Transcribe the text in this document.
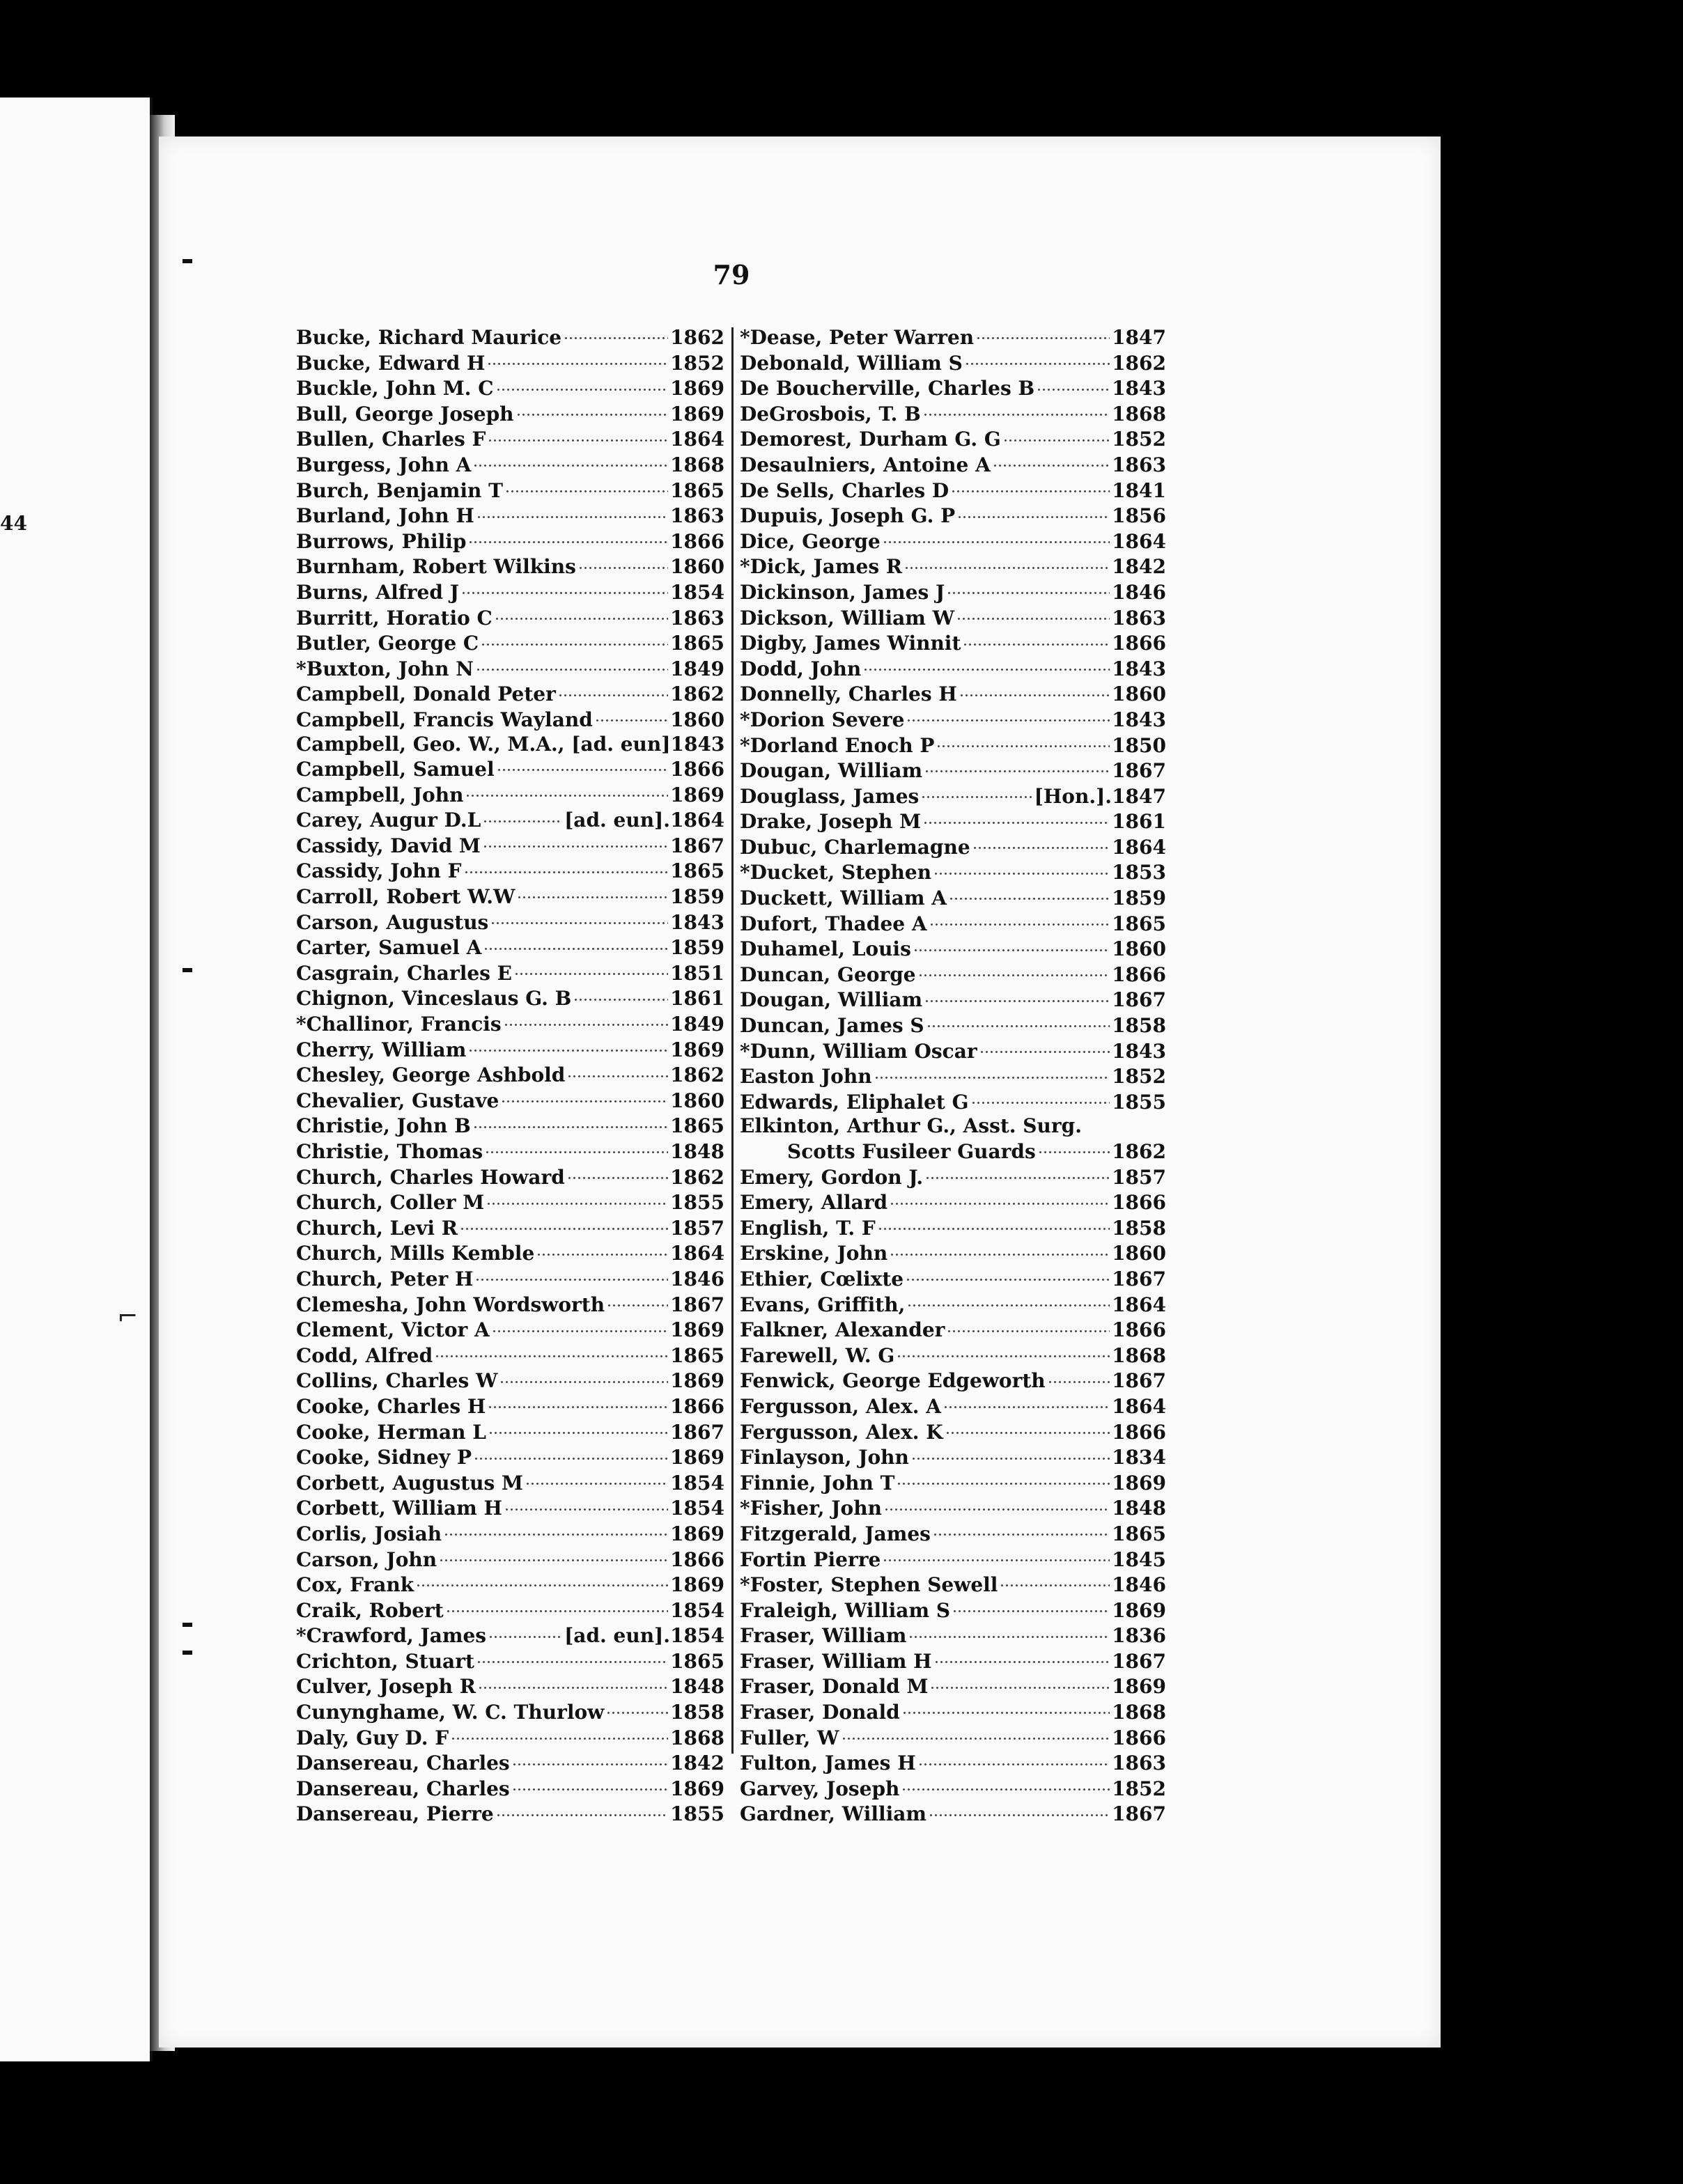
44
79
Bucke, Richard Maurice	1862
Bucke, Edward H	1852
Buckle, John M. C	1869
Bull, George Joseph	1869
Bullen, Charles F	1864
Burgess, John A	1868
Burch, Benjamin T	1865
Burland, John H	1863
Burrows, Philip	1866
Burnham, Robert Wilkins	1860
Burns, Alfred J	1854
Burritt, Horatio C	1863
Butler, George C	1865
*Buxton, John N	1849
Campbell, Donald Peter	1862
Campbell, Francis Wayland	1860
Campbell, Geo. W., M.A., [ad. eun] 1843
Campbell, Samuel	1866
Campbell, John	1869
Carey, Augur D.L	[ad. eun]. 1864
Cassidy, David M	1867
Cassidy, John F	1865
Carroll, Robert W.W	1859
Carson, Augustus	1843
Carter, Samuel A	1859
Casgrain, Charles E	1851
Chignon, Vinceslaus G. B	1861
*Challinor, Francis	1849
Cherry, William	1869
Chesley, George Ashbold	1862
Chevalier, Gustave	1860
Christie, John B	1865
Christie, Thomas	1848
Church, Charles Howard	1862
Church, Coller M	1855
Church, Levi R	1857
Church, Mills Kemble	1864
Church, Peter H	1846
Clemesha, John Wordsworth	1867
Clement, Victor A	1869
Codd, Alfred	1865
Collins, Charles W	1869
Cooke, Charles H	1866
Cooke, Herman L	1867
Cooke, Sidney P	1869
Corbett, Augustus M	1854
Corbett, William H	1854
Corlis, Josiah	1869
Carson, John	1866
Cox, Frank	1869
Craik, Robert	1854
*Crawford, James	[ad. eun]. 1854
Crichton, Stuart	1865
Culver, Joseph R	1848
Cunynghame, W. C. Thurlow	1858
Daly, Guy D. F	1868
Dansereau, Charles	1842
Dansereau, Charles	1869
Dansereau, Pierre	1855
*Dease, Peter Warren	1847
Debonald, William S	1862
De Boucherville, Charles B	1843
DeGrosbois, T. B	1868
Demorest, Durham G. G	1852
Desaulniers, Antoine A	1863
De Sells, Charles D	1841
Dupuis, Joseph G. P	1856
Dice, George	1864
*Dick, James R	1842
Dickinson, James J	1846
Dickson, William W	1863
Digby, James Winnit	1866
Dodd, John	1843
Donnelly, Charles H	1860
*Dorion Severe	1843
*Dorland Enoch P	1850
Dougan, William	1867
Douglass, James	[Hon.]. 1847
Drake, Joseph M	1861
Dubuc, Charlemagne	1864
*Ducket, Stephen	1853
Duckett, William A	1859
Dufort, Thadee A	1865
Duhamel, Louis	1860
Duncan, George	1866
Dougan, William	1867
Duncan, James S	1858
*Dunn, William Oscar	1843
Easton John	1852
Edwards, Eliphalet G	1855
Elkinton, Arthur G., Asst. Surg.
Scotts Fusileer Guards	1862
Emery, Gordon J.	1857
Emery, Allard	1866
English, T. F	1858
Erskine, John	1860
Ethier, Cœlixte	1867
Evans, Griffith,	1864
Falkner, Alexander	1866
Farewell, W. G	1868
Fenwick, George Edgeworth	1867
Fergusson, Alex. A	1864
Fergusson, Alex. K	1866
Finlayson, John	1834
Finnie, John T	1869
*Fisher, John	1848
Fitzgerald, James	1865
Fortin Pierre	1845
*Foster, Stephen Sewell	1846
Fraleigh, William S	1869
Fraser, William	1836
Fraser, William H	1867
Fraser, Donald M	1869
Fraser, Donald	1868
Fuller, W	1866
Fulton, James H	1863
Garvey, Joseph	1852
Gardner, William	1867
⌐
